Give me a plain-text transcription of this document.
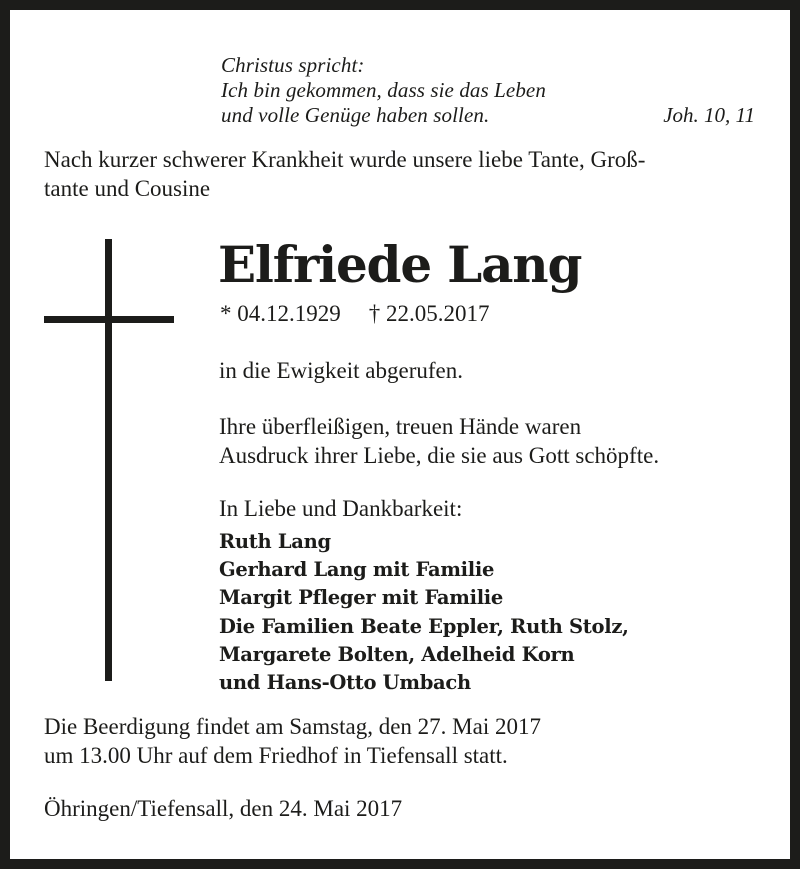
Christus spricht:
Ich bin gekommen, dass sie das Leben
und volle Genüge haben sollen.	Joh. 10, 11
Nach kurzer schwerer Krankheit wurde unsere liebe Tante, Groß-
tante und Cousine
Elfriede Lang
* 04.12.1929 † 22.05.2017
in die Ewigkeit abgerufen.
Ihre überfleißigen, treuen Hände waren
Ausdruck ihrer Liebe, die sie aus Gott schöpfte.
In Liebe und Dankbarkeit:
Ruth Lang
Gerhard Lang mit Familie
Margit Pfleger mit Familie
Die Familien Beate Eppler, Ruth Stolz,
Margarete Bolten, Adelheid Korn
und Hans-Otto Umbach
Die Beerdigung findet am Samstag, den 27. Mai 2017
um 13.00 Uhr auf dem Friedhof in Tiefensall statt.
Öhringen/Tiefensall, den 24. Mai 2017
